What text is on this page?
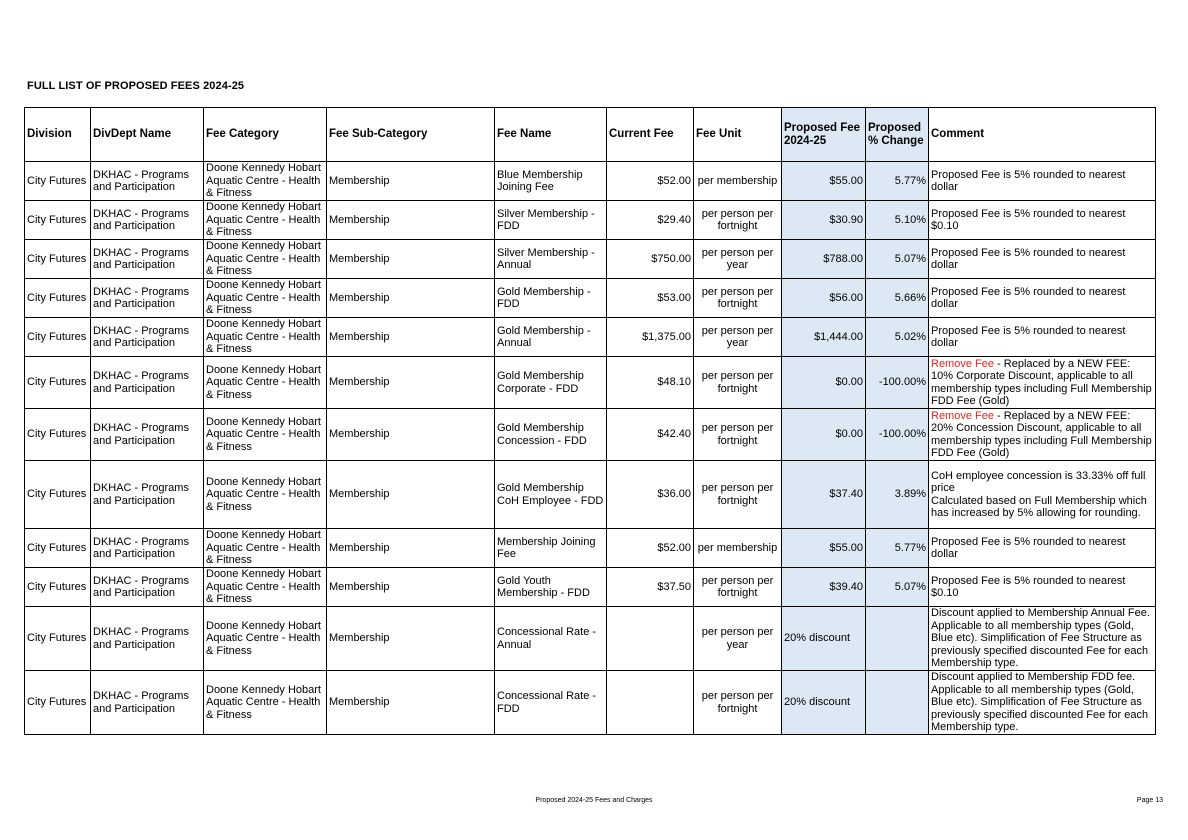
FULL LIST OF PROPOSED FEES 2024-25
Division	DivDept Name	Fee Category	Fee Sub-Category	Fee Name	Current Fee	Fee Unit	Proposed Fee 2024-25	Proposed % Change	Comment
City Futures	DKHAC - Programs and Participation	Doone Kennedy Hobart Aquatic Centre - Health & Fitness	Membership	Blue Membership Joining Fee	$52.00	per membership	$55.00	5.77%	Proposed Fee is 5% rounded to nearest dollar
City Futures	DKHAC - Programs and Participation	Doone Kennedy Hobart Aquatic Centre - Health & Fitness	Membership	Silver Membership - FDD	$29.40	per person per fortnight	$30.90	5.10%	Proposed Fee is 5% rounded to nearest $0.10
City Futures	DKHAC - Programs and Participation	Doone Kennedy Hobart Aquatic Centre - Health & Fitness	Membership	Silver Membership - Annual	$750.00	per person per year	$788.00	5.07%	Proposed Fee is 5% rounded to nearest dollar
City Futures	DKHAC - Programs and Participation	Doone Kennedy Hobart Aquatic Centre - Health & Fitness	Membership	Gold Membership - FDD	$53.00	per person per fortnight	$56.00	5.66%	Proposed Fee is 5% rounded to nearest dollar
City Futures	DKHAC - Programs and Participation	Doone Kennedy Hobart Aquatic Centre - Health & Fitness	Membership	Gold Membership - Annual	$1,375.00	per person per year	$1,444.00	5.02%	Proposed Fee is 5% rounded to nearest dollar
City Futures	DKHAC - Programs and Participation	Doone Kennedy Hobart Aquatic Centre - Health & Fitness	Membership	Gold Membership Corporate - FDD	$48.10	per person per fortnight	$0.00	-100.00%	Remove Fee - Replaced by a NEW FEE: 10% Corporate Discount, applicable to all membership types including Full Membership FDD Fee (Gold)
City Futures	DKHAC - Programs and Participation	Doone Kennedy Hobart Aquatic Centre - Health & Fitness	Membership	Gold Membership Concession - FDD	$42.40	per person per fortnight	$0.00	-100.00%	Remove Fee - Replaced by a NEW FEE: 20% Concession Discount, applicable to all membership types including Full Membership FDD Fee (Gold)
City Futures	DKHAC - Programs and Participation	Doone Kennedy Hobart Aquatic Centre - Health & Fitness	Membership	Gold Membership CoH Employee - FDD	$36.00	per person per fortnight	$37.40	3.89%	CoH employee concession is 33.33% off full price
Calculated based on Full Membership which has increased by 5% allowing for rounding.
City Futures	DKHAC - Programs and Participation	Doone Kennedy Hobart Aquatic Centre - Health & Fitness	Membership	Membership Joining Fee	$52.00	per membership	$55.00	5.77%	Proposed Fee is 5% rounded to nearest dollar
City Futures	DKHAC - Programs and Participation	Doone Kennedy Hobart Aquatic Centre - Health & Fitness	Membership	Gold Youth Membership - FDD	$37.50	per person per fortnight	$39.40	5.07%	Proposed Fee is 5% rounded to nearest $0.10
City Futures	DKHAC - Programs and Participation	Doone Kennedy Hobart Aquatic Centre - Health & Fitness	Membership	Concessional Rate - Annual		per person per year	20% discount		Discount applied to Membership Annual Fee. Applicable to all membership types (Gold, Blue etc). Simplification of Fee Structure as previously specified discounted Fee for each Membership type.
City Futures	DKHAC - Programs and Participation	Doone Kennedy Hobart Aquatic Centre - Health & Fitness	Membership	Concessional Rate - FDD		per person per fortnight	20% discount		Discount applied to Membership FDD fee. Applicable to all membership types (Gold, Blue etc). Simplification of Fee Structure as previously specified discounted Fee for each Membership type.
Proposed 2024-25 Fees and Charges	Page 13
